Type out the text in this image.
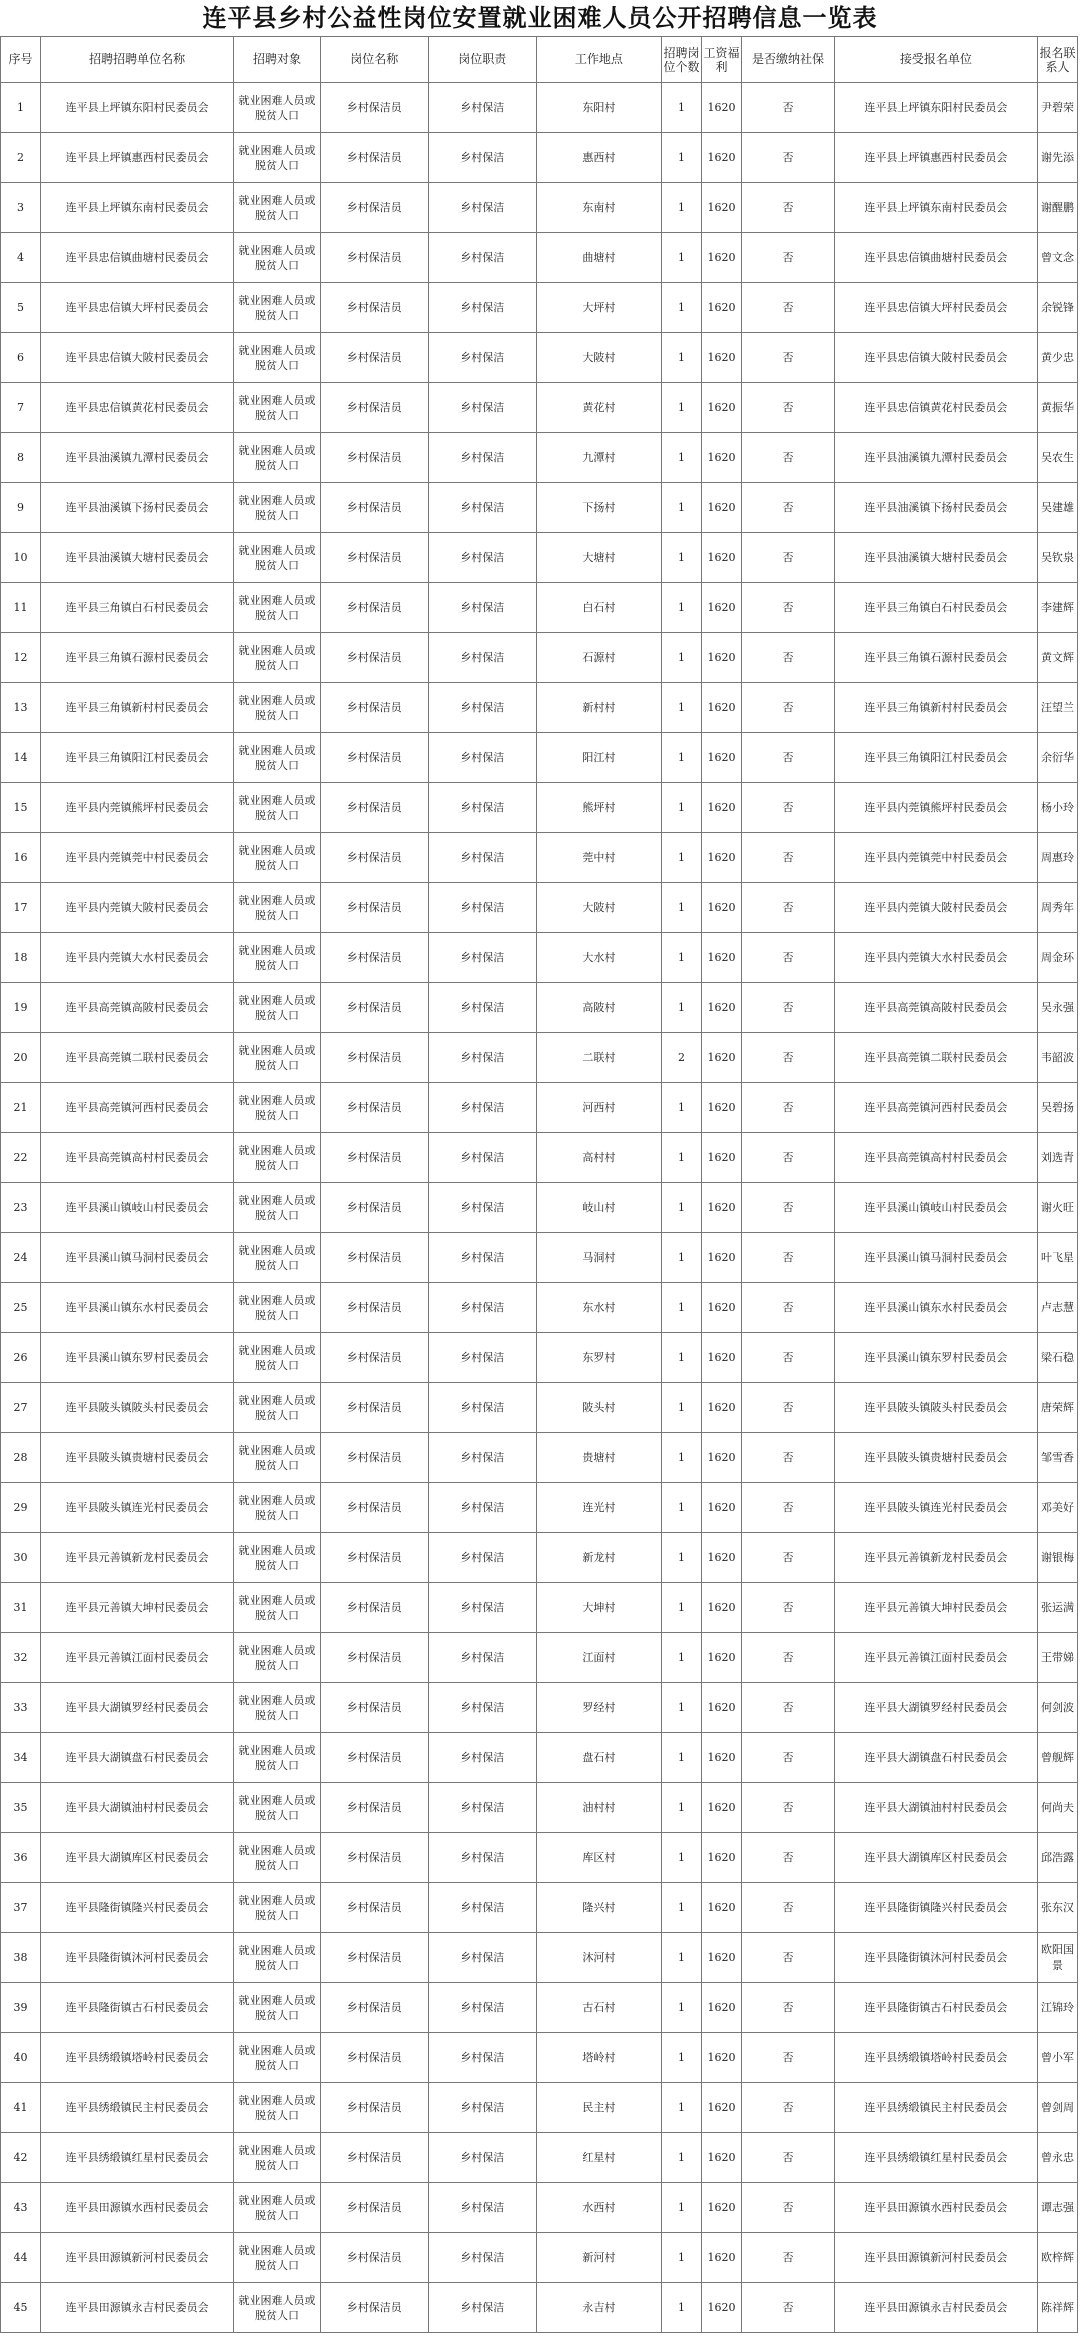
连平县乡村公益性岗位安置就业困难人员公开招聘信息一览表
序号	招聘招聘单位名称	招聘对象	岗位名称	岗位职责	工作地点	招聘岗位个数	工资福利	是否缴纳社保	接受报名单位	报名联系人
1	连平县上坪镇东阳村民委员会	就业困难人员或脱贫人口	乡村保洁员	乡村保洁	东阳村	1	1620	否	连平县上坪镇东阳村民委员会	尹碧荣
2	连平县上坪镇惠西村民委员会	就业困难人员或脱贫人口	乡村保洁员	乡村保洁	惠西村	1	1620	否	连平县上坪镇惠西村民委员会	谢先添
3	连平县上坪镇东南村民委员会	就业困难人员或脱贫人口	乡村保洁员	乡村保洁	东南村	1	1620	否	连平县上坪镇东南村民委员会	谢醒鹏
4	连平县忠信镇曲塘村民委员会	就业困难人员或脱贫人口	乡村保洁员	乡村保洁	曲塘村	1	1620	否	连平县忠信镇曲塘村民委员会	曾文念
5	连平县忠信镇大坪村民委员会	就业困难人员或脱贫人口	乡村保洁员	乡村保洁	大坪村	1	1620	否	连平县忠信镇大坪村民委员会	余锐锋
6	连平县忠信镇大陂村民委员会	就业困难人员或脱贫人口	乡村保洁员	乡村保洁	大陂村	1	1620	否	连平县忠信镇大陂村民委员会	黄少忠
7	连平县忠信镇黄花村民委员会	就业困难人员或脱贫人口	乡村保洁员	乡村保洁	黄花村	1	1620	否	连平县忠信镇黄花村民委员会	黄振华
8	连平县油溪镇九潭村民委员会	就业困难人员或脱贫人口	乡村保洁员	乡村保洁	九潭村	1	1620	否	连平县油溪镇九潭村民委员会	吴农生
9	连平县油溪镇下扬村民委员会	就业困难人员或脱贫人口	乡村保洁员	乡村保洁	下扬村	1	1620	否	连平县油溪镇下扬村民委员会	吴建雄
10	连平县油溪镇大塘村民委员会	就业困难人员或脱贫人口	乡村保洁员	乡村保洁	大塘村	1	1620	否	连平县油溪镇大塘村民委员会	吴钦泉
11	连平县三角镇白石村民委员会	就业困难人员或脱贫人口	乡村保洁员	乡村保洁	白石村	1	1620	否	连平县三角镇白石村民委员会	李建辉
12	连平县三角镇石源村民委员会	就业困难人员或脱贫人口	乡村保洁员	乡村保洁	石源村	1	1620	否	连平县三角镇石源村民委员会	黄文辉
13	连平县三角镇新村村民委员会	就业困难人员或脱贫人口	乡村保洁员	乡村保洁	新村村	1	1620	否	连平县三角镇新村村民委员会	汪望兰
14	连平县三角镇阳江村民委员会	就业困难人员或脱贫人口	乡村保洁员	乡村保洁	阳江村	1	1620	否	连平县三角镇阳江村民委员会	余衍华
15	连平县内莞镇熊坪村民委员会	就业困难人员或脱贫人口	乡村保洁员	乡村保洁	熊坪村	1	1620	否	连平县内莞镇熊坪村民委员会	杨小玲
16	连平县内莞镇莞中村民委员会	就业困难人员或脱贫人口	乡村保洁员	乡村保洁	莞中村	1	1620	否	连平县内莞镇莞中村民委员会	周惠玲
17	连平县内莞镇大陂村民委员会	就业困难人员或脱贫人口	乡村保洁员	乡村保洁	大陂村	1	1620	否	连平县内莞镇大陂村民委员会	周秀年
18	连平县内莞镇大水村民委员会	就业困难人员或脱贫人口	乡村保洁员	乡村保洁	大水村	1	1620	否	连平县内莞镇大水村民委员会	周金环
19	连平县高莞镇高陂村民委员会	就业困难人员或脱贫人口	乡村保洁员	乡村保洁	高陂村	1	1620	否	连平县高莞镇高陂村民委员会	吴永强
20	连平县高莞镇二联村民委员会	就业困难人员或脱贫人口	乡村保洁员	乡村保洁	二联村	2	1620	否	连平县高莞镇二联村民委员会	韦韶波
21	连平县高莞镇河西村民委员会	就业困难人员或脱贫人口	乡村保洁员	乡村保洁	河西村	1	1620	否	连平县高莞镇河西村民委员会	吴碧扬
22	连平县高莞镇高村村民委员会	就业困难人员或脱贫人口	乡村保洁员	乡村保洁	高村村	1	1620	否	连平县高莞镇高村村民委员会	刘选青
23	连平县溪山镇岐山村民委员会	就业困难人员或脱贫人口	乡村保洁员	乡村保洁	岐山村	1	1620	否	连平县溪山镇岐山村民委员会	谢火旺
24	连平县溪山镇马洞村民委员会	就业困难人员或脱贫人口	乡村保洁员	乡村保洁	马洞村	1	1620	否	连平县溪山镇马洞村民委员会	叶飞星
25	连平县溪山镇东水村民委员会	就业困难人员或脱贫人口	乡村保洁员	乡村保洁	东水村	1	1620	否	连平县溪山镇东水村民委员会	卢志慧
26	连平县溪山镇东罗村民委员会	就业困难人员或脱贫人口	乡村保洁员	乡村保洁	东罗村	1	1620	否	连平县溪山镇东罗村民委员会	梁石稳
27	连平县陂头镇陂头村民委员会	就业困难人员或脱贫人口	乡村保洁员	乡村保洁	陂头村	1	1620	否	连平县陂头镇陂头村民委员会	唐荣辉
28	连平县陂头镇贵塘村民委员会	就业困难人员或脱贫人口	乡村保洁员	乡村保洁	贵塘村	1	1620	否	连平县陂头镇贵塘村民委员会	邹雪香
29	连平县陂头镇连光村民委员会	就业困难人员或脱贫人口	乡村保洁员	乡村保洁	连光村	1	1620	否	连平县陂头镇连光村民委员会	邓美好
30	连平县元善镇新龙村民委员会	就业困难人员或脱贫人口	乡村保洁员	乡村保洁	新龙村	1	1620	否	连平县元善镇新龙村民委员会	谢银梅
31	连平县元善镇大坤村民委员会	就业困难人员或脱贫人口	乡村保洁员	乡村保洁	大坤村	1	1620	否	连平县元善镇大坤村民委员会	张运满
32	连平县元善镇江面村民委员会	就业困难人员或脱贫人口	乡村保洁员	乡村保洁	江面村	1	1620	否	连平县元善镇江面村民委员会	王带娣
33	连平县大湖镇罗经村民委员会	就业困难人员或脱贫人口	乡村保洁员	乡村保洁	罗经村	1	1620	否	连平县大湖镇罗经村民委员会	何剑波
34	连平县大湖镇盘石村民委员会	就业困难人员或脱贫人口	乡村保洁员	乡村保洁	盘石村	1	1620	否	连平县大湖镇盘石村民委员会	曾舰辉
35	连平县大湖镇油村村民委员会	就业困难人员或脱贫人口	乡村保洁员	乡村保洁	油村村	1	1620	否	连平县大湖镇油村村民委员会	何尚夫
36	连平县大湖镇库区村民委员会	就业困难人员或脱贫人口	乡村保洁员	乡村保洁	库区村	1	1620	否	连平县大湖镇库区村民委员会	邱浩露
37	连平县隆街镇隆兴村民委员会	就业困难人员或脱贫人口	乡村保洁员	乡村保洁	隆兴村	1	1620	否	连平县隆街镇隆兴村民委员会	张东汉
38	连平县隆街镇沐河村民委员会	就业困难人员或脱贫人口	乡村保洁员	乡村保洁	沐河村	1	1620	否	连平县隆街镇沐河村民委员会	欧阳国景
39	连平县隆街镇古石村民委员会	就业困难人员或脱贫人口	乡村保洁员	乡村保洁	古石村	1	1620	否	连平县隆街镇古石村民委员会	江锦玲
40	连平县绣缎镇塔岭村民委员会	就业困难人员或脱贫人口	乡村保洁员	乡村保洁	塔岭村	1	1620	否	连平县绣缎镇塔岭村民委员会	曾小军
41	连平县绣缎镇民主村民委员会	就业困难人员或脱贫人口	乡村保洁员	乡村保洁	民主村	1	1620	否	连平县绣缎镇民主村民委员会	曾剑周
42	连平县绣缎镇红星村民委员会	就业困难人员或脱贫人口	乡村保洁员	乡村保洁	红星村	1	1620	否	连平县绣缎镇红星村民委员会	曾永忠
43	连平县田源镇水西村民委员会	就业困难人员或脱贫人口	乡村保洁员	乡村保洁	水西村	1	1620	否	连平县田源镇水西村民委员会	谭志强
44	连平县田源镇新河村民委员会	就业困难人员或脱贫人口	乡村保洁员	乡村保洁	新河村	1	1620	否	连平县田源镇新河村民委员会	欧梓辉
45	连平县田源镇永吉村民委员会	就业困难人员或脱贫人口	乡村保洁员	乡村保洁	永吉村	1	1620	否	连平县田源镇永吉村民委员会	陈祥辉
